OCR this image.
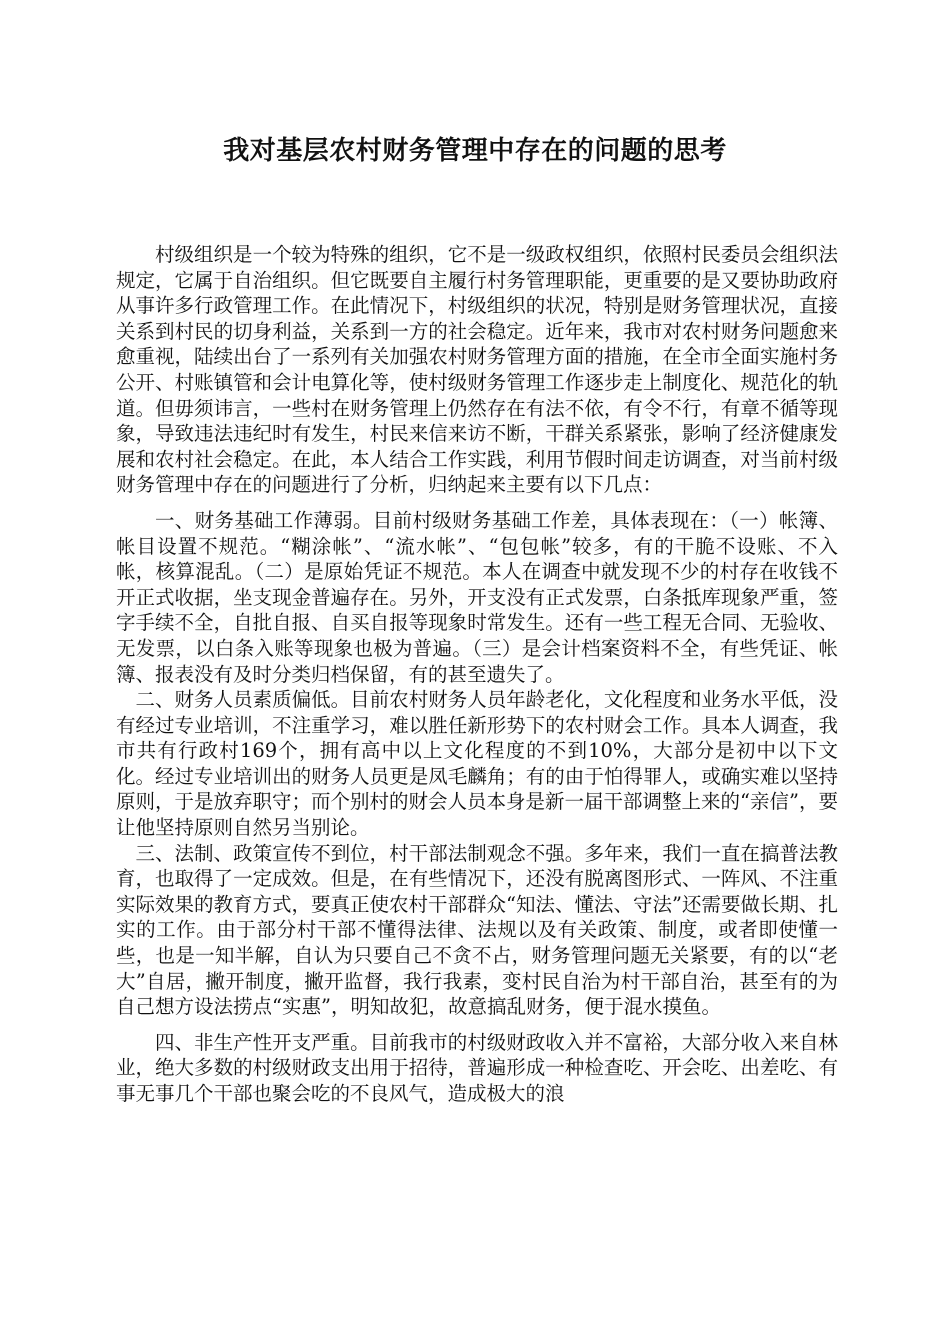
我对基层农村财务管理中存在的问题的思考

村级组织是一个较为特殊的组织，它不是一级政权组织，依照村民委员会组织法规定，它属于自治组织。但它既要自主履行村务管理职能，更重要的是又要协助政府从事许多行政管理工作。在此情况下，村级组织的状况，特别是财务管理状况，直接关系到村民的切身利益，关系到一方的社会稳定。近年来，我市对农村财务问题愈来愈重视，陆续出台了一系列有关加强农村财务管理方面的措施，在全市全面实施村务公开、村账镇管和会计电算化等，使村级财务管理工作逐步走上制度化、规范化的轨道。但毋须讳言，一些村在财务管理上仍然存在有法不依，有令不行，有章不循等现象，导致违法违纪时有发生，村民来信来访不断，干群关系紧张，影响了经济健康发展和农村社会稳定。在此，本人结合工作实践，利用节假时间走访调查，对当前村级财务管理中存在的问题进行了分析，归纳起来主要有以下几点：

一、财务基础工作薄弱。目前村级财务基础工作差，具体表现在：（一）帐簿、帐目设置不规范。“糊涂帐”、“流水帐”、“包包帐”较多，有的干脆不设账、不入帐，核算混乱。（二）是原始凭证不规范。本人在调查中就发现不少的村存在收钱不开正式收据，坐支现金普遍存在。另外，开支没有正式发票，白条抵库现象严重，签字手续不全，自批自报、自买自报等现象时常发生。还有一些工程无合同、无验收、无发票，以白条入账等现象也极为普遍。（三）是会计档案资料不全，有些凭证、帐簿、报表没有及时分类归档保留，有的甚至遗失了。

二、财务人员素质偏低。目前农村财务人员年龄老化，文化程度和业务水平低，没有经过专业培训，不注重学习，难以胜任新形势下的农村财会工作。具本人调查，我市共有行政村169个，拥有高中以上文化程度的不到10%，大部分是初中以下文化。经过专业培训出的财务人员更是凤毛麟角；有的由于怕得罪人，或确实难以坚持原则，于是放弃职守；而个别村的财会人员本身是新一届干部调整上来的“亲信”，要让他坚持原则自然另当别论。

三、法制、政策宣传不到位，村干部法制观念不强。多年来，我们一直在搞普法教育，也取得了一定成效。但是，在有些情况下，还没有脱离图形式、一阵风、不注重实际效果的教育方式，要真正使农村干部群众“知法、懂法、守法”还需要做长期、扎实的工作。由于部分村干部不懂得法律、法规以及有关政策、制度，或者即使懂一些，也是一知半解，自认为只要自己不贪不占，财务管理问题无关紧要，有的以“老大”自居，撇开制度，撇开监督，我行我素，变村民自治为村干部自治，甚至有的为自己想方设法捞点“实惠”，明知故犯，故意搞乱财务，便于混水摸鱼。

四、非生产性开支严重。目前我市的村级财政收入并不富裕，大部分收入来自林业，绝大多数的村级财政支出用于招待，普遍形成一种检查吃、开会吃、出差吃、有事无事几个干部也聚会吃的不良风气，造成极大的浪
